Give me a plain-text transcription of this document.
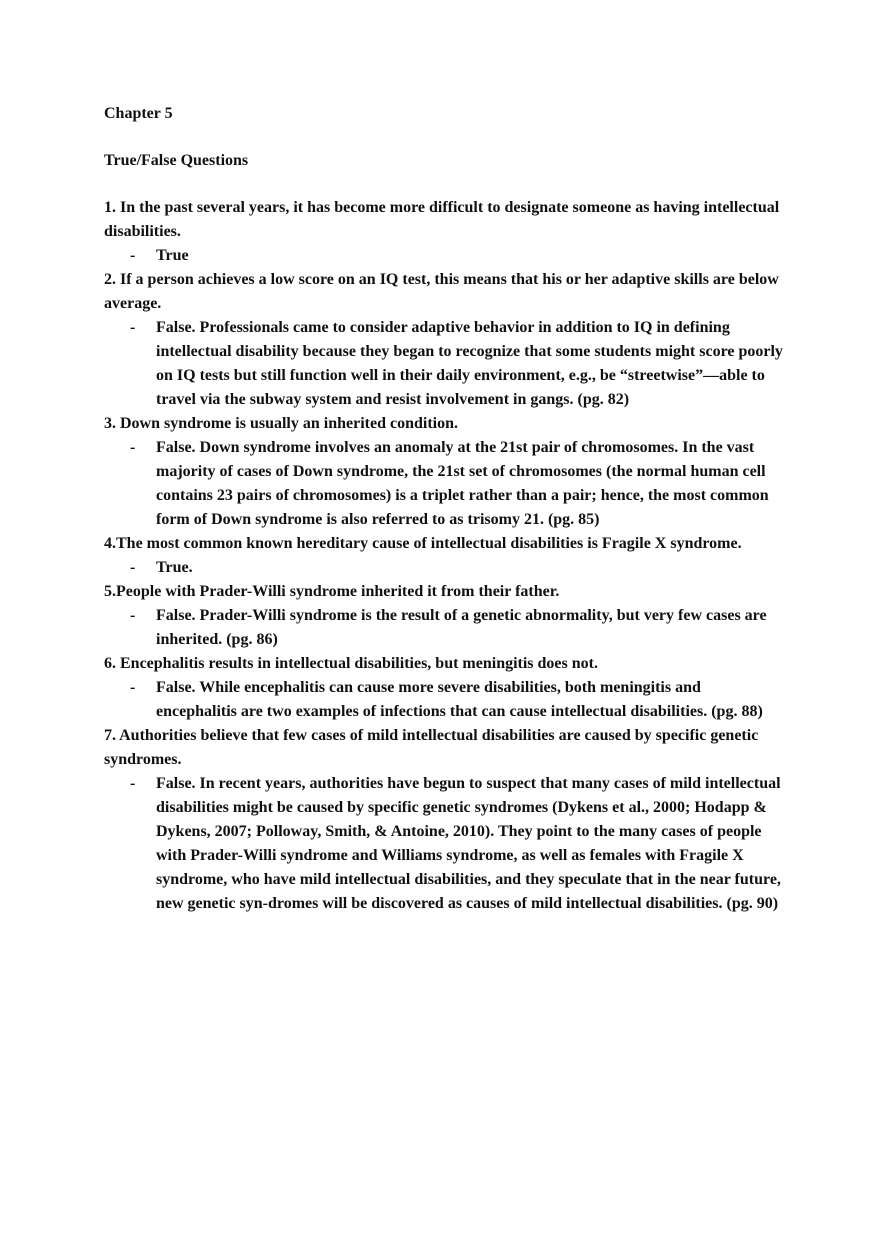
Chapter 5

True/False Questions

1. In the past several years, it has become more difficult to designate someone as having intellectual disabilities.

- True

2. If a person achieves a low score on an IQ test, this means that his or her adaptive skills are below average.

- False. Professionals came to consider adaptive behavior in addition to IQ in defining intellectual disability because they began to recognize that some students might score poorly on IQ tests but still function well in their daily environment, e.g., be “streetwise”—able to travel via the subway system and resist involvement in gangs. (pg. 82)

3. Down syndrome is usually an inherited condition.

- False. Down syndrome involves an anomaly at the 21st pair of chromosomes. In the vast majority of cases of Down syndrome, the 21st set of chromosomes (the normal human cell contains 23 pairs of chromosomes) is a triplet rather than a pair; hence, the most common form of Down syndrome is also referred to as trisomy 21. (pg. 85)

4.The most common known hereditary cause of intellectual disabilities is Fragile X syndrome.

- True.

5.People with Prader-Willi syndrome inherited it from their father.

- False. Prader-Willi syndrome is the result of a genetic abnormality, but very few cases are inherited. (pg. 86)

6. Encephalitis results in intellectual disabilities, but meningitis does not.

- False. While encephalitis can cause more severe disabilities, both meningitis and encephalitis are two examples of infections that can cause intellectual disabilities. (pg. 88)

7. Authorities believe that few cases of mild intellectual disabilities are caused by specific genetic syndromes.

- False. In recent years, authorities have begun to suspect that many cases of mild intellectual disabilities might be caused by specific genetic syndromes (Dykens et al., 2000; Hodapp & Dykens, 2007; Polloway, Smith, & Antoine, 2010). They point to the many cases of people with Prader-Willi syndrome and Williams syndrome, as well as females with Fragile X syndrome, who have mild intellectual disabilities, and they speculate that in the near future, new genetic syn-dromes will be discovered as causes of mild intellectual disabilities. (pg. 90)
